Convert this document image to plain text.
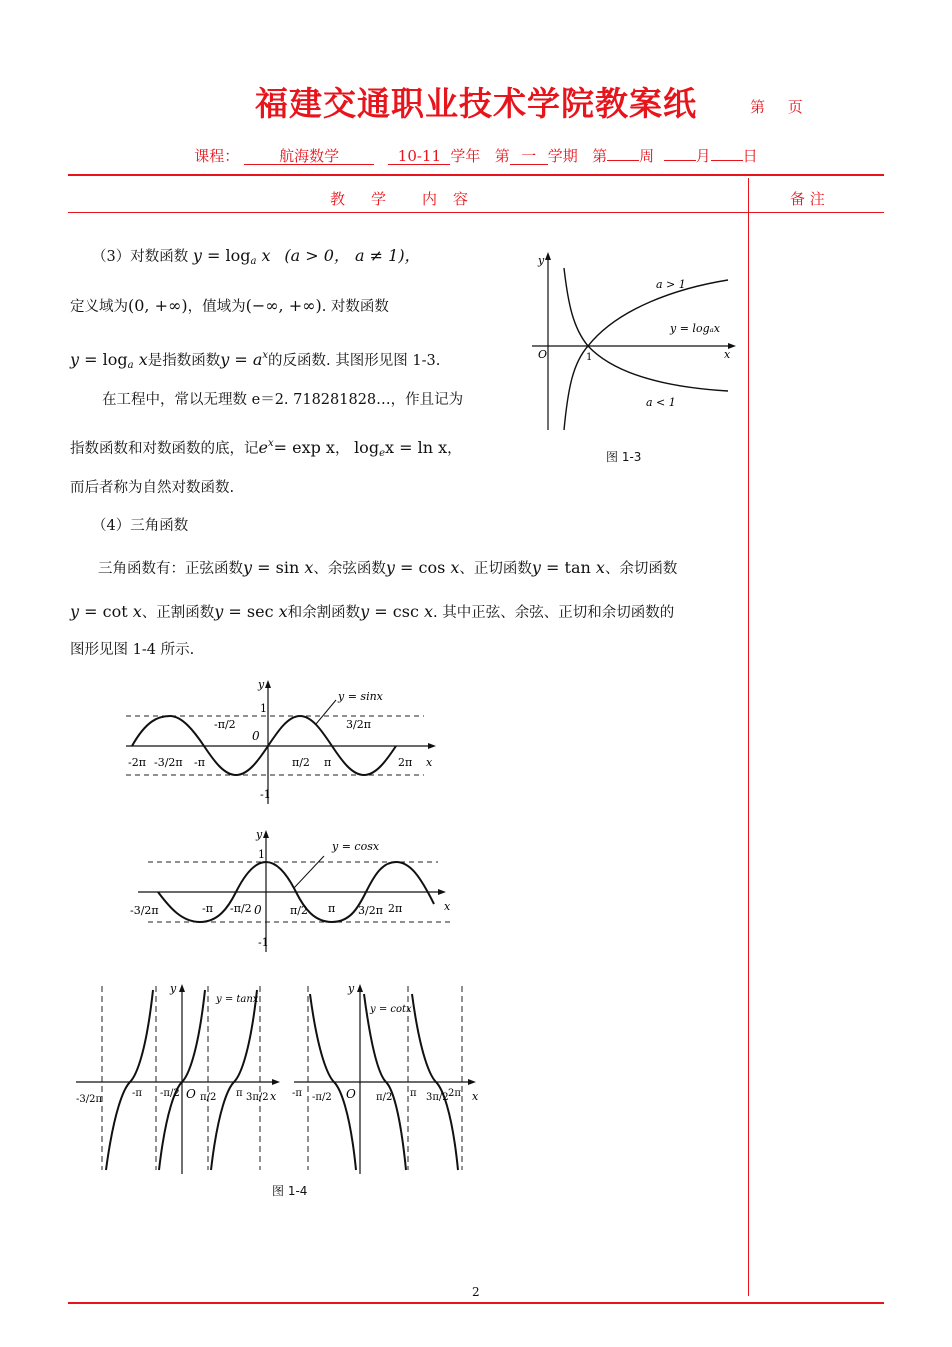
福建交通职业技术学院教案纸	第 页
课程：	航海数学	10-11 学年 第 一 学期 第 周	月 日
教 学 内 容	备 注
（3）对数函数 $y = \log_a x$ (a > 0， a ≠ 1)，
定义域为(0, +∞)，值域为(−∞, +∞). 对数函数
$y = \log_a x$是指数函数$y = a^x$的反函数. 其图形见图 1-3.
在工程中，常以无理数 e＝2. 718281828…，作且记为
指数函数和对数函数的底，记$e^x= \exp x$， $\log_ex = \ln x$，
而后者称为自然对数函数.
（4）三角函数
三角函数有：正弦函数y = sin x、余弦函数y = cos x、正切函数y = tan x、余切函数
y = cot x、正割函数y = sec x和余割函数y = csc x. 其中正弦、余弦、正切和余切函数的
图形见图 1-4 所示.
y
x
O	1
a > 1
y = logₐx
a < 1
图 1-3
y = sinx
y
1
0
-1
x
-2π -3/2π -π
-π/2
π/2 π
3/2π
2π
y = cosx
y
1
0
-1
x
-3/2π	-π -π/2	π/2 π 3/2π 2π
y
y = tanx
x
O
-3/2π
-π -π/2 π/2 π 3π/2
y
y = cotx
x
O
-π -π/2	π/2 π 3π/2 2π
图 1-4
2
